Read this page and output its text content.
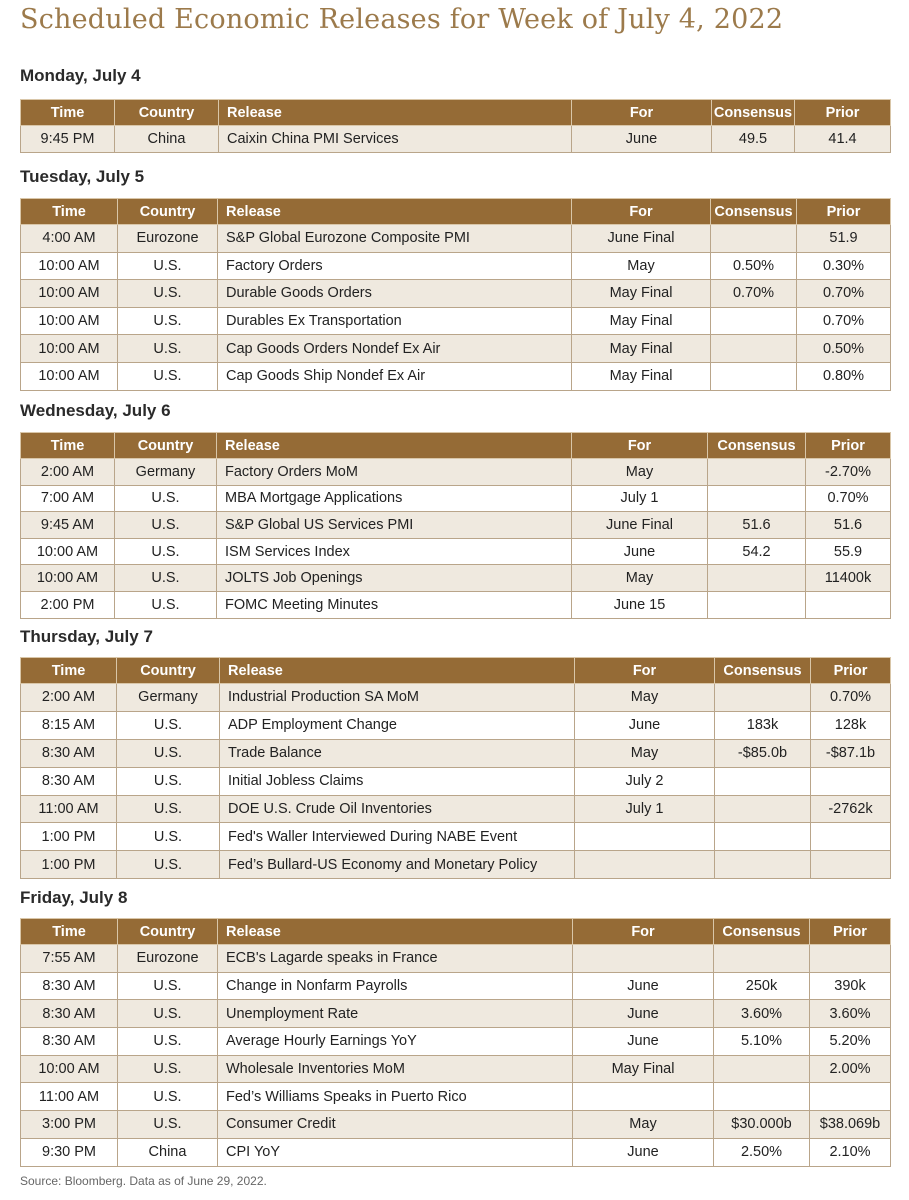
Scheduled Economic Releases for Week of July 4, 2022
Monday, July 4
Time	Country	Release	For	Consensus	Prior
9:45 PM	China	Caixin China PMI Services	June	49.5	41.4
Tuesday, July 5
Time	Country	Release	For	Consensus	Prior
4:00 AM	Eurozone	S&P Global Eurozone Composite PMI	June Final		51.9
10:00 AM	U.S.	Factory Orders	May	0.50%	0.30%
10:00 AM	U.S.	Durable Goods Orders	May Final	0.70%	0.70%
10:00 AM	U.S.	Durables Ex Transportation	May Final		0.70%
10:00 AM	U.S.	Cap Goods Orders Nondef Ex Air	May Final		0.50%
10:00 AM	U.S.	Cap Goods Ship Nondef Ex Air	May Final		0.80%
Wednesday, July 6
Time	Country	Release	For	Consensus	Prior
2:00 AM	Germany	Factory Orders MoM	May		-2.70%
7:00 AM	U.S.	MBA Mortgage Applications	July 1		0.70%
9:45 AM	U.S.	S&P Global US Services PMI	June Final	51.6	51.6
10:00 AM	U.S.	ISM Services Index	June	54.2	55.9
10:00 AM	U.S.	JOLTS Job Openings	May		11400k
2:00 PM	U.S.	FOMC Meeting Minutes	June 15		
Thursday, July 7
Time	Country	Release	For	Consensus	Prior
2:00 AM	Germany	Industrial Production SA MoM	May		0.70%
8:15 AM	U.S.	ADP Employment Change	June	183k	128k
8:30 AM	U.S.	Trade Balance	May	-$85.0b	-$87.1b
8:30 AM	U.S.	Initial Jobless Claims	July 2		
11:00 AM	U.S.	DOE U.S. Crude Oil Inventories	July 1		-2762k
1:00 PM	U.S.	Fed's Waller Interviewed During NABE Event			
1:00 PM	U.S.	Fed’s Bullard-US Economy and Monetary Policy			
Friday, July 8
Time	Country	Release	For	Consensus	Prior
7:55 AM	Eurozone	ECB's Lagarde speaks in France			
8:30 AM	U.S.	Change in Nonfarm Payrolls	June	250k	390k
8:30 AM	U.S.	Unemployment Rate	June	3.60%	3.60%
8:30 AM	U.S.	Average Hourly Earnings YoY	June	5.10%	5.20%
10:00 AM	U.S.	Wholesale Inventories MoM	May Final		2.00%
11:00 AM	U.S.	Fed’s Williams Speaks in Puerto Rico			
3:00 PM	U.S.	Consumer Credit	May	$30.000b	$38.069b
9:30 PM	China	CPI YoY	June	2.50%	2.10%
Source: Bloomberg. Data as of June 29, 2022.
